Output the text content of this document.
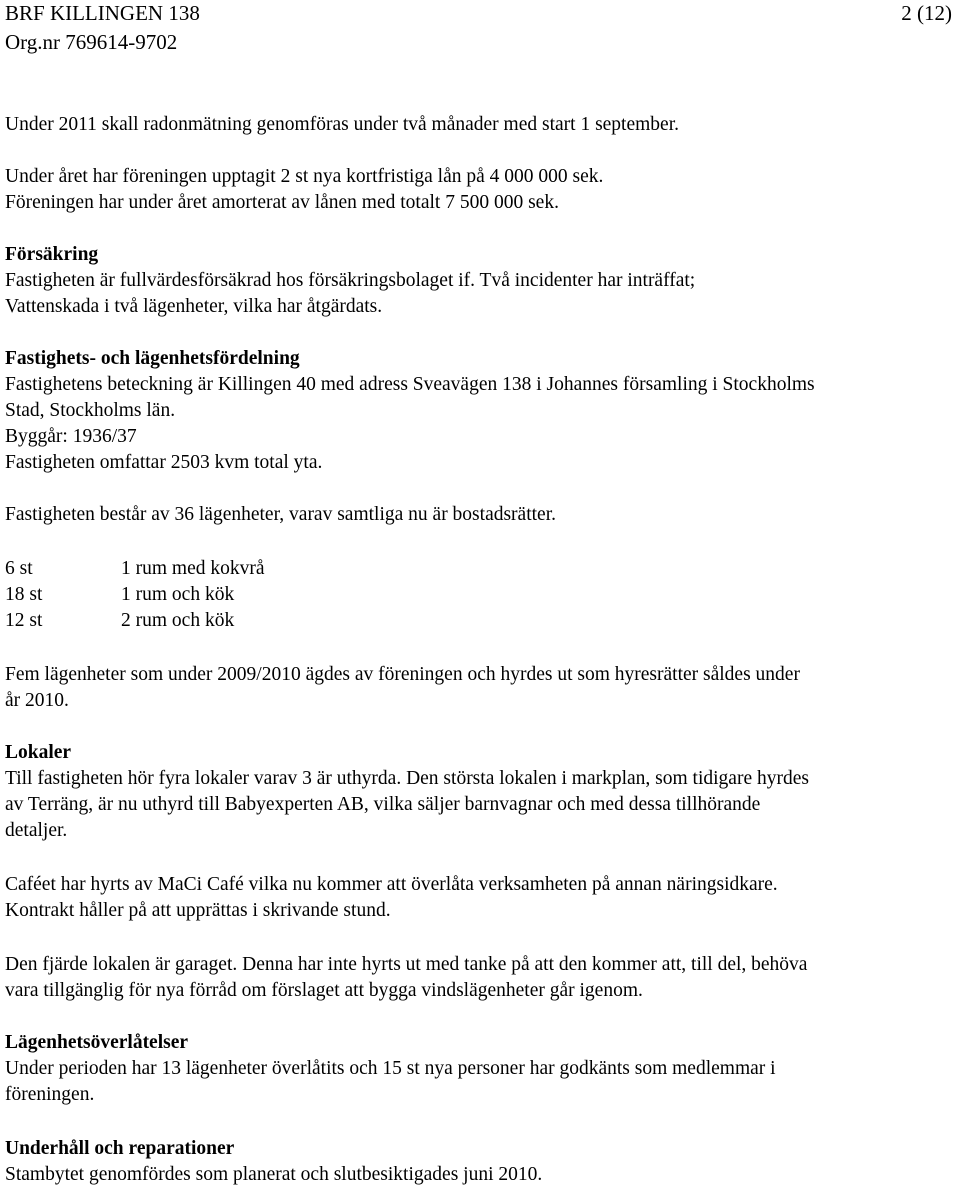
BRF KILLINGEN 138	2 (12)
Org.nr 769614-9702
Under 2011 skall radonmätning genomföras under två månader med start 1 september.
Under året har föreningen upptagit 2 st nya kortfristiga lån på 4 000 000 sek.
Föreningen har under året amorterat av lånen med totalt 7 500 000 sek.
Försäkring
Fastigheten är fullvärdesförsäkrad hos försäkringsbolaget if. Två incidenter har inträffat;
Vattenskada i två lägenheter, vilka har åtgärdats.
Fastighets- och lägenhetsfördelning
Fastighetens beteckning är Killingen 40 med adress Sveavägen 138 i Johannes församling i Stockholms
Stad, Stockholms län.
Byggår: 1936/37
Fastigheten omfattar 2503 kvm total yta.
Fastigheten består av 36 lägenheter, varav samtliga nu är bostadsrätter.
6 st	1 rum med kokvrå
18 st	1 rum och kök
12 st	2 rum och kök
Fem lägenheter som under 2009/2010 ägdes av föreningen och hyrdes ut som hyresrätter såldes under
år 2010.
Lokaler
Till fastigheten hör fyra lokaler varav 3 är uthyrda. Den största lokalen i markplan, som tidigare hyrdes
av Terräng, är nu uthyrd till Babyexperten AB, vilka säljer barnvagnar och med dessa tillhörande
detaljer.
Caféet har hyrts av MaCi Café vilka nu kommer att överlåta verksamheten på annan näringsidkare.
Kontrakt håller på att upprättas i skrivande stund.
Den fjärde lokalen är garaget. Denna har inte hyrts ut med tanke på att den kommer att, till del, behöva
vara tillgänglig för nya förråd om förslaget att bygga vindslägenheter går igenom.
Lägenhetsöverlåtelser
Under perioden har 13 lägenheter överlåtits och 15 st nya personer har godkänts som medlemmar i
föreningen.
Underhåll och reparationer
Stambytet genomfördes som planerat och slutbesiktigades juni 2010.
